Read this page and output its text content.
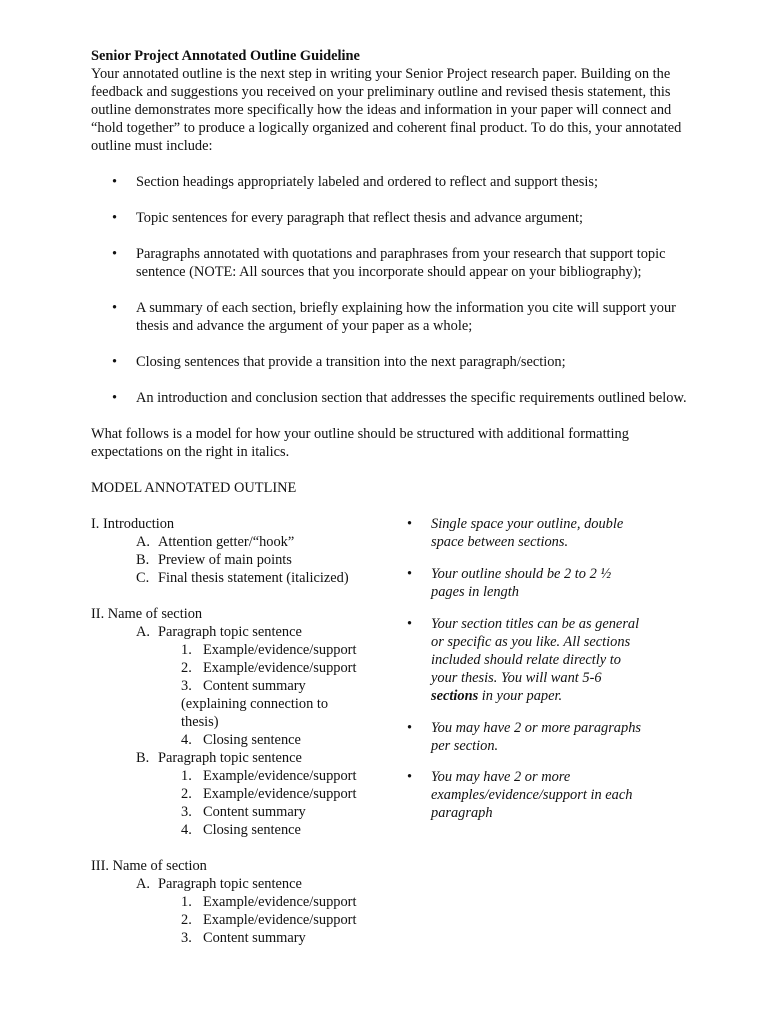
Senior Project Annotated Outline Guideline

Your annotated outline is the next step in writing your Senior Project research paper. Building on the feedback and suggestions you received on your preliminary outline and revised thesis statement, this outline demonstrates more specifically how the ideas and information in your paper will connect and “hold together” to produce a logically organized and coherent final product. To do this, your annotated outline must include:

• Section headings appropriately labeled and ordered to reflect and support thesis;
• Topic sentences for every paragraph that reflect thesis and advance argument;
• Paragraphs annotated with quotations and paraphrases from your research that support topic sentence (NOTE: All sources that you incorporate should appear on your bibliography);
• A summary of each section, briefly explaining how the information you cite will support your thesis and advance the argument of your paper as a whole;
• Closing sentences that provide a transition into the next paragraph/section;
• An introduction and conclusion section that addresses the specific requirements outlined below.

What follows is a model for how your outline should be structured with additional formatting expectations on the right in italics.

MODEL ANNOTATED OUTLINE

I. Introduction
A. Attention getter/“hook”
B. Preview of main points
C. Final thesis statement (italicized)
II. Name of section
A. Paragraph topic sentence
1. Example/evidence/support
2. Example/evidence/support
3. Content summary
(explaining connection to
thesis)
4. Closing sentence
B. Paragraph topic sentence
1. Example/evidence/support
2. Example/evidence/support
3. Content summary
4. Closing sentence
III. Name of section
A. Paragraph topic sentence
1. Example/evidence/support
2. Example/evidence/support
3. Content summary
• Single space your outline, double space between sections.
• Your outline should be 2 to 2 ½ pages in length
• Your section titles can be as general or specific as you like. All sections included should relate directly to your thesis. You will want 5-6 sections in your paper.
• You may have 2 or more paragraphs per section.
• You may have 2 or more examples/evidence/support in each paragraph
